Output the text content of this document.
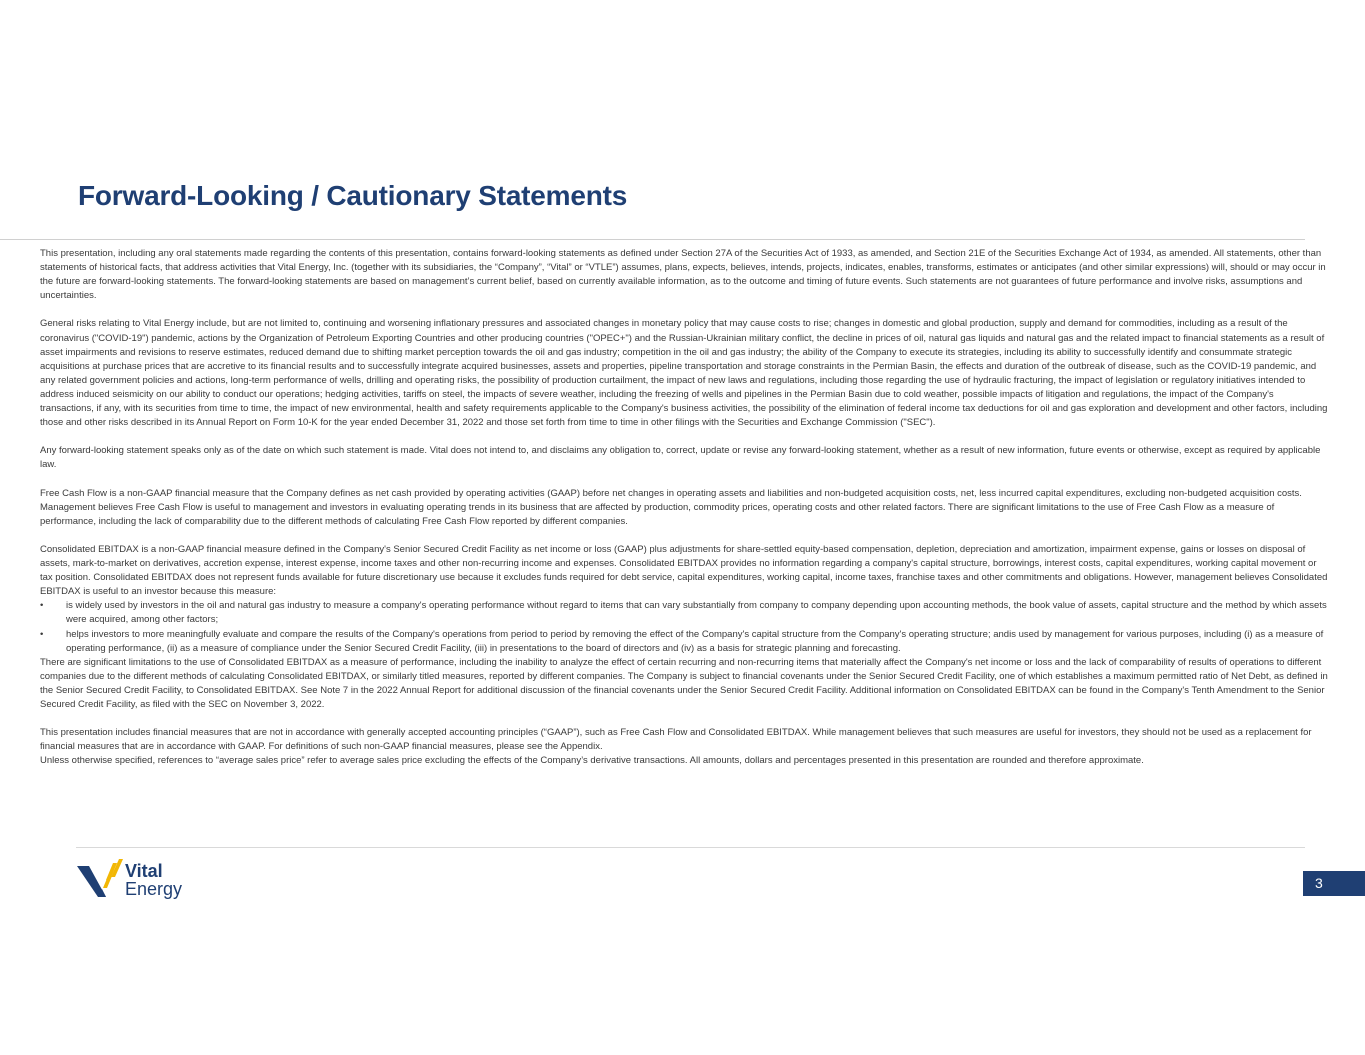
Forward-Looking / Cautionary Statements

This presentation, including any oral statements made regarding the contents of this presentation, contains forward-looking statements as defined under Section 27A of the Securities Act of 1933, as amended, and Section 21E of the Securities Exchange Act of 1934, as amended. All statements, other than statements of historical facts, that address activities that Vital Energy, Inc. (together with its subsidiaries, the “Company”, “Vital” or “VTLE”) assumes, plans, expects, believes, intends, projects, indicates, enables, transforms, estimates or anticipates (and other similar expressions) will, should or may occur in the future are forward-looking statements. The forward-looking statements are based on management’s current belief, based on currently available information, as to the outcome and timing of future events. Such statements are not guarantees of future performance and involve risks, assumptions and uncertainties.

General risks relating to Vital Energy include, but are not limited to, continuing and worsening inflationary pressures and associated changes in monetary policy that may cause costs to rise; changes in domestic and global production, supply and demand for commodities, including as a result of the coronavirus ("COVID-19") pandemic, actions by the Organization of Petroleum Exporting Countries and other producing countries ("OPEC+") and the Russian-Ukrainian military conflict, the decline in prices of oil, natural gas liquids and natural gas and the related impact to financial statements as a result of asset impairments and revisions to reserve estimates, reduced demand due to shifting market perception towards the oil and gas industry; competition in the oil and gas industry; the ability of the Company to execute its strategies, including its ability to successfully identify and consummate strategic acquisitions at purchase prices that are accretive to its financial results and to successfully integrate acquired businesses, assets and properties, pipeline transportation and storage constraints in the Permian Basin, the effects and duration of the outbreak of disease, such as the COVID-19 pandemic, and any related government policies and actions, long-term performance of wells, drilling and operating risks, the possibility of production curtailment, the impact of new laws and regulations, including those regarding the use of hydraulic fracturing, the impact of legislation or regulatory initiatives intended to address induced seismicity on our ability to conduct our operations; hedging activities, tariffs on steel, the impacts of severe weather, including the freezing of wells and pipelines in the Permian Basin due to cold weather, possible impacts of litigation and regulations, the impact of the Company's transactions, if any, with its securities from time to time, the impact of new environmental, health and safety requirements applicable to the Company's business activities, the possibility of the elimination of federal income tax deductions for oil and gas exploration and development and other factors, including those and other risks described in its Annual Report on Form 10-K for the year ended December 31, 2022 and those set forth from time to time in other filings with the Securities and Exchange Commission ("SEC").

Any forward-looking statement speaks only as of the date on which such statement is made. Vital does not intend to, and disclaims any obligation to, correct, update or revise any forward-looking statement, whether as a result of new information, future events or otherwise, except as required by applicable law.

Free Cash Flow is a non-GAAP financial measure that the Company defines as net cash provided by operating activities (GAAP) before net changes in operating assets and liabilities and non-budgeted acquisition costs, net, less incurred capital expenditures, excluding non-budgeted acquisition costs. Management believes Free Cash Flow is useful to management and investors in evaluating operating trends in its business that are affected by production, commodity prices, operating costs and other related factors. There are significant limitations to the use of Free Cash Flow as a measure of performance, including the lack of comparability due to the different methods of calculating Free Cash Flow reported by different companies.

Consolidated EBITDAX is a non-GAAP financial measure defined in the Company's Senior Secured Credit Facility as net income or loss (GAAP) plus adjustments for share-settled equity-based compensation, depletion, depreciation and amortization, impairment expense, gains or losses on disposal of assets, mark-to-market on derivatives, accretion expense, interest expense, income taxes and other non-recurring income and expenses. Consolidated EBITDAX provides no information regarding a company's capital structure, borrowings, interest costs, capital expenditures, working capital movement or tax position. Consolidated EBITDAX does not represent funds available for future discretionary use because it excludes funds required for debt service, capital expenditures, working capital, income taxes, franchise taxes and other commitments and obligations. However, management believes Consolidated EBITDAX is useful to an investor because this measure:

• is widely used by investors in the oil and natural gas industry to measure a company's operating performance without regard to items that can vary substantially from company to company depending upon accounting methods, the book value of assets, capital structure and the method by which assets were acquired, among other factors;
• helps investors to more meaningfully evaluate and compare the results of the Company's operations from period to period by removing the effect of the Company's capital structure from the Company's operating structure; andis used by management for various purposes, including (i) as a measure of operating performance, (ii) as a measure of compliance under the Senior Secured Credit Facility, (iii) in presentations to the board of directors and (iv) as a basis for strategic planning and forecasting.

There are significant limitations to the use of Consolidated EBITDAX as a measure of performance, including the inability to analyze the effect of certain recurring and non-recurring items that materially affect the Company's net income or loss and the lack of comparability of results of operations to different companies due to the different methods of calculating Consolidated EBITDAX, or similarly titled measures, reported by different companies. The Company is subject to financial covenants under the Senior Secured Credit Facility, one of which establishes a maximum permitted ratio of Net Debt, as defined in the Senior Secured Credit Facility, to Consolidated EBITDAX. See Note 7 in the 2022 Annual Report for additional discussion of the financial covenants under the Senior Secured Credit Facility. Additional information on Consolidated EBITDAX can be found in the Company's Tenth Amendment to the Senior Secured Credit Facility, as filed with the SEC on November 3, 2022.

This presentation includes financial measures that are not in accordance with generally accepted accounting principles (“GAAP”), such as Free Cash Flow and Consolidated EBITDAX. While management believes that such measures are useful for investors, they should not be used as a replacement for financial measures that are in accordance with GAAP. For definitions of such non-GAAP financial measures, please see the Appendix.

Unless otherwise specified, references to “average sales price” refer to average sales price excluding the effects of the Company’s derivative transactions. All amounts, dollars and percentages presented in this presentation are rounded and therefore approximate.

Vital
Energy	3
